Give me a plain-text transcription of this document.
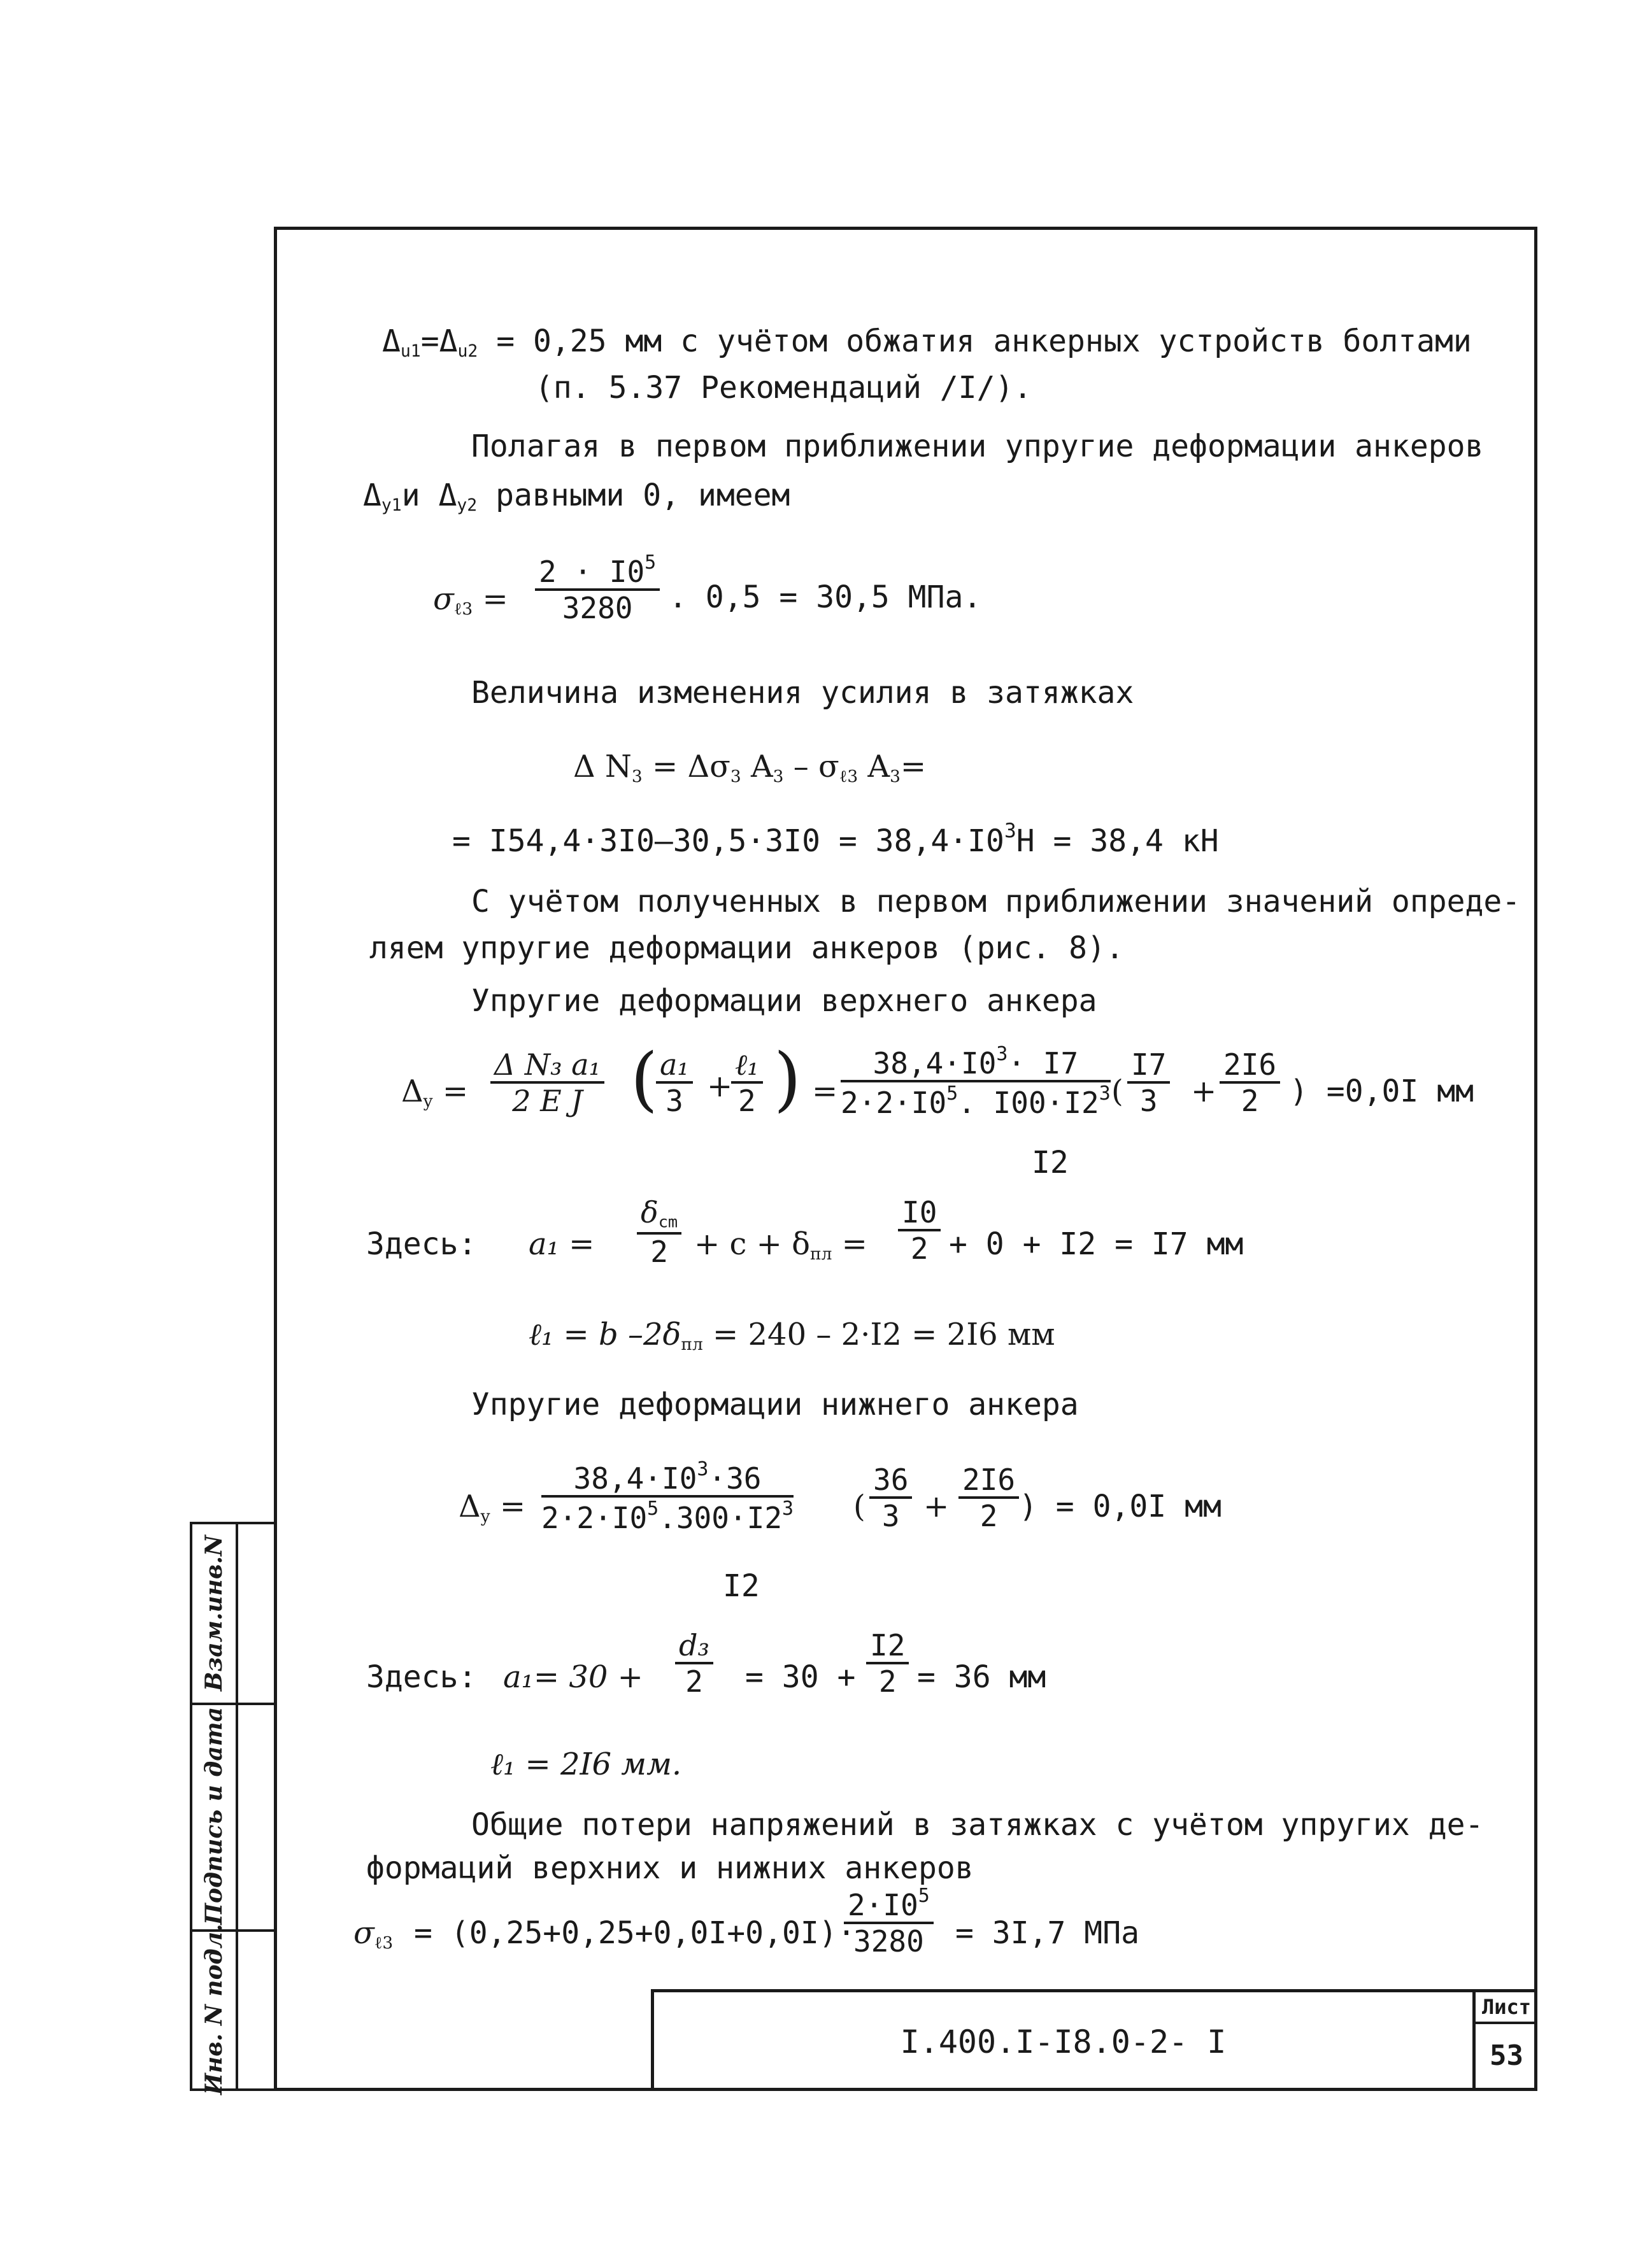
Взам.инв.N
Подпись и дата
Инв. N подл.	I.400.I-I8.0-2- I
Лист
53
$\Delta_{u1}=\Delta_{u2} = 0,25$ мм с учётом обжатия анкерных устройств болтами
(п. 5.37 Рекомендаций /I/).
Полагая в первом приближении упругие деформации анкеров
$\Delta_{y1}и$ $\Delta_{y2}$ равными 0, имеем
$\sigma_{\ell 3} = \frac{2 \cdot I0^5}{3280}$ . 0,5 = 30,5 МПа.
Величина изменения усилия в затяжках
Δ $N_3 = \Delta\sigma_3$ $A_3 - \sigma_{\ell 3}$ $A_3=$
= $I54,4\cdot 3I0-30,5\cdot 3I0 = 38,4\cdot I0^3Н = 38,4$ кН
С учётом полученных в первом приближении значений опреде-
ляем упругие деформации анкеров (рис. 8).
Упругие деформации верхнего анкера
$\Delta_y = \frac{\text{Δ N₃ a₁}}{\text{2 E J}}$ (
$\frac{\text{a₁}}{3}$ +
ℓ₁
2 ) = $\frac{38,4\cdot I0^3\cdot I7}{2\cdot 2\cdot I0^5. I00\cdot I2^3}$
I2
( $\frac{I7}{3} + \frac{2I6}{2}$ ) =0,0I мм
Здесь: a₁ =
$\delta_{cm}$
$2 + c + \delta_{пл} = \frac{I0}{2} + 0 + I2 = I7$ мм
ℓ₁ = b $-2\delta_{пл} = 240 - 2\cdot I2 = 2I6$ мм
Упругие деформации нижнего анкера
$\Delta_y = \frac{38,4\cdot I0^3\cdot 36}{2\cdot 2\cdot I0^5.300\cdot I2^3}$
I2
( $\frac{36}{3} + \frac{2I6}{2}$ ) = 0,0I мм
Здесь: $a_1= 30 + \frac{\text{d₃}}{2} = 30 + \frac{I2}{2} = 36$ мм
ℓ₁ = 2I6 мм.
Общие потери напряжений в затяжках с учётом упругих де-
формаций верхних и нижних анкеров
$\sigma_{\ell 3} = (0,25+0,25+0,0I+0,0I)\cdot$
$\frac{2\cdot I0^5}{3280} = 3I,7$ МПа
